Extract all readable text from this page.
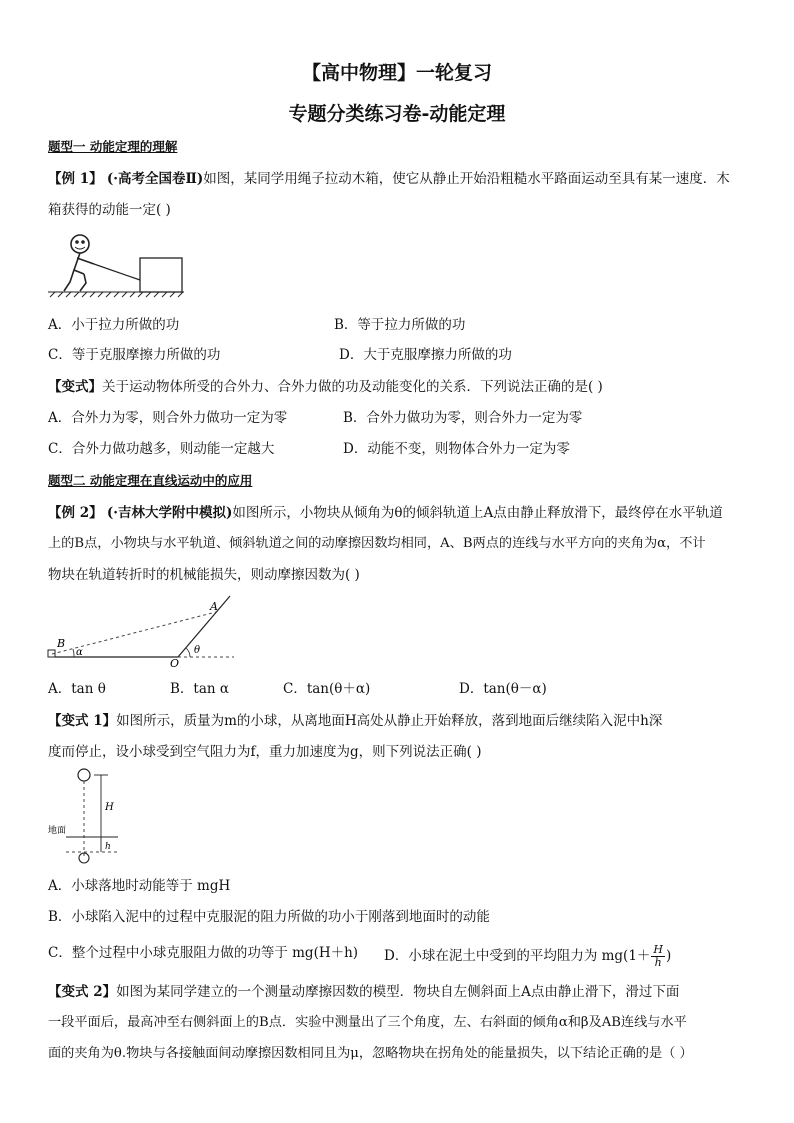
【高中物理】一轮复习
专题分类练习卷-动能定理
题型一 动能定理的理解
【例 1】 (·高考全国卷Ⅱ)如图，某同学用绳子拉动木箱，使它从静止开始沿粗糙水平路面运动至具有某一速度．木
箱获得的动能一定( )
A．小于拉力所做的功	B．等于拉力所做的功
C．等于克服摩擦力所做的功	D．大于克服摩擦力所做的功
【变式】关于运动物体所受的合外力、合外力做的功及动能变化的关系．下列说法正确的是( )
A．合外力为零，则合外力做功一定为零	B．合外力做功为零，则合外力一定为零
C．合外力做功越多，则动能一定越大	D．动能不变，则物体合外力一定为零
题型二 动能定理在直线运动中的应用
【例 2】 (·吉林大学附中模拟)如图所示，小物块从倾角为θ的倾斜轨道上A点由静止释放滑下，最终停在水平轨道
上的B点，小物块与水平轨道、倾斜轨道之间的动摩擦因数均相同，A、B两点的连线与水平方向的夹角为α，不计
物块在轨道转折时的机械能损失，则动摩擦因数为( )
A
B
O
α	θ
A．tan θ	B．tan α	C．tan(θ＋α)	D．tan(θ－α)
【变式 1】如图所示，质量为m的小球，从离地面H高处从静止开始释放，落到地面后继续陷入泥中h深
度而停止，设小球受到空气阻力为f，重力加速度为g，则下列说法正确( )
H
h
地面
A．小球落地时动能等于 mgH
B．小球陷入泥中的过程中克服泥的阻力所做的功小于刚落到地面时的动能
C．整个过程中小球克服阻力做的功等于 mg(H＋h) D．小球在泥土中受到的平均阻力为 $mg(1+ \frac{H}{h}$ )
【变式 2】如图为某同学建立的一个测量动摩擦因数的模型．物块自左侧斜面上A点由静止滑下，滑过下面
一段平面后，最高冲至右侧斜面上的B点．实验中测量出了三个角度，左、右斜面的倾角α和β及AB连线与水平
面的夹角为θ.物块与各接触面间动摩擦因数相同且为μ，忽略物块在拐角处的能量损失，以下结论正确的是（ ）
